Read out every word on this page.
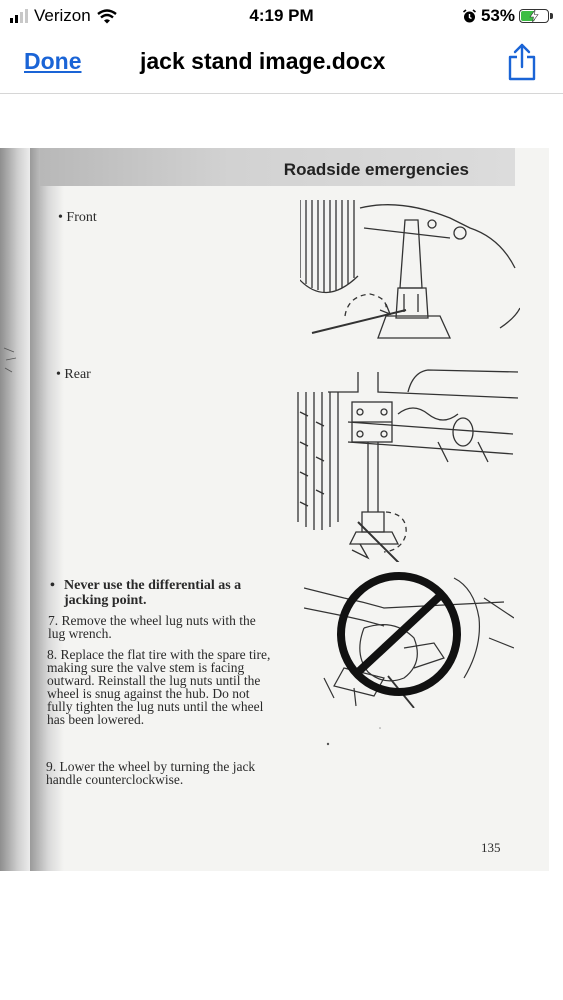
Verizon	4:19 PM	53%
Done	jack stand image.docx
Roadside emergencies
• Front
• Rear
• Never use the differential as a jacking point.
7. Remove the wheel lug nuts with the lug wrench.
8. Replace the flat tire with the spare tire, making sure the valve stem is facing outward. Reinstall the lug nuts until the wheel is snug against the hub. Do not fully tighten the lug nuts until the wheel has been lowered.
9. Lower the wheel by turning the jack handle counterclockwise.
135
